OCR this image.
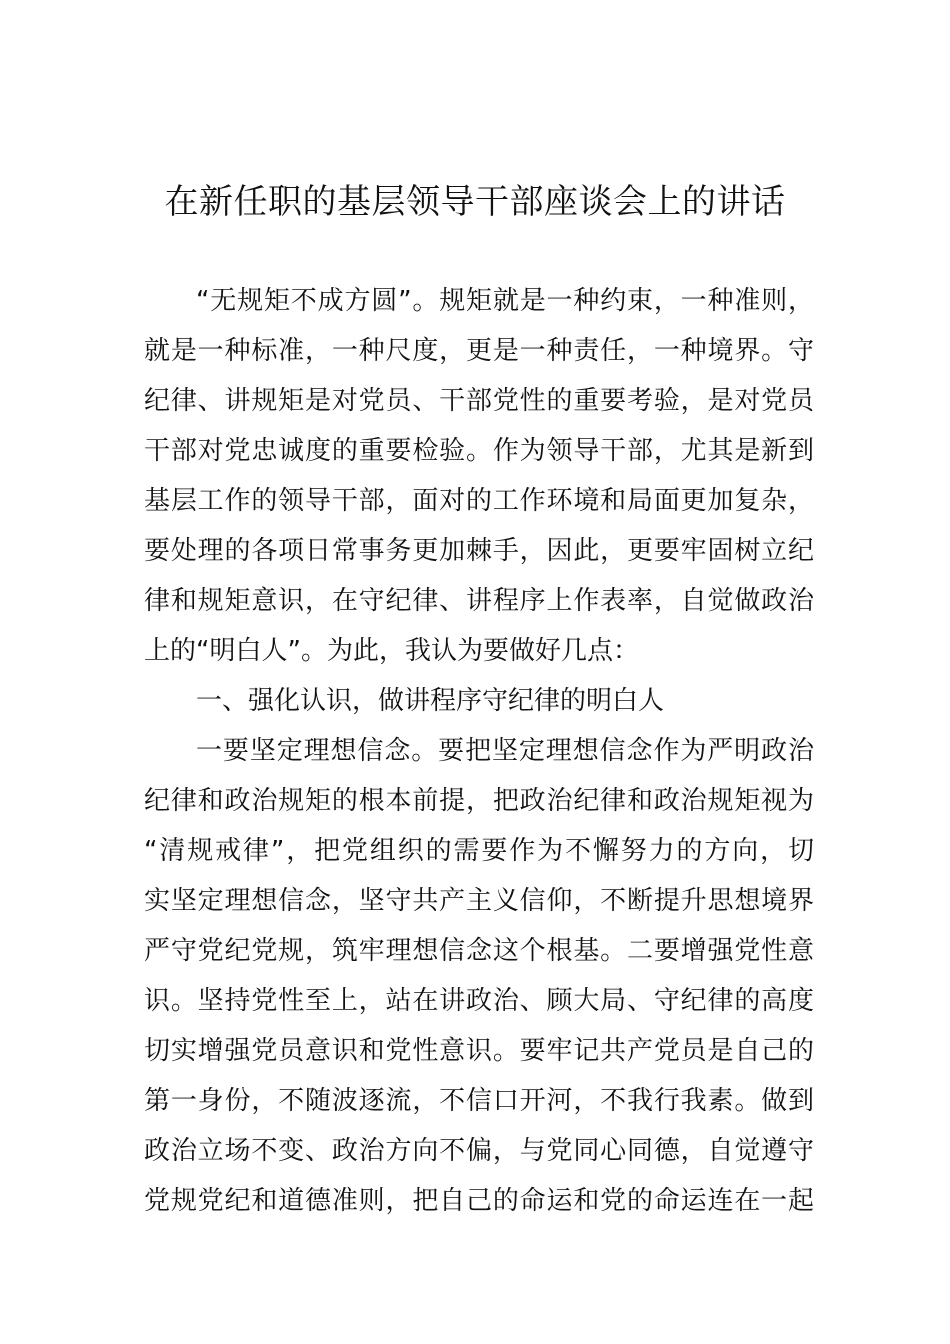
在新任职的基层领导干部座谈会上的讲话
“无规矩不成方圆”。规矩就是一种约束，一种准则，
就是一种标准，一种尺度，更是一种责任，一种境界。守
纪律、讲规矩是对党员、干部党性的重要考验，是对党员
干部对党忠诚度的重要检验。作为领导干部，尤其是新到
基层工作的领导干部，面对的工作环境和局面更加复杂，
要处理的各项日常事务更加棘手，因此，更要牢固树立纪
律和规矩意识，在守纪律、讲程序上作表率，自觉做政治
上的“明白人”。为此，我认为要做好几点：
一、强化认识，做讲程序守纪律的明白人
一要坚定理想信念。要把坚定理想信念作为严明政治
纪律和政治规矩的根本前提，把政治纪律和政治规矩视为
“清规戒律”，把党组织的需要作为不懈努力的方向，切
实坚定理想信念，坚守共产主义信仰，不断提升思想境界
严守党纪党规，筑牢理想信念这个根基。二要增强党性意
识。坚持党性至上，站在讲政治、顾大局、守纪律的高度
切实增强党员意识和党性意识。要牢记共产党员是自己的
第一身份，不随波逐流，不信口开河，不我行我素。做到
政治立场不变、政治方向不偏，与党同心同德，自觉遵守
党规党纪和道德准则，把自己的命运和党的命运连在一起
